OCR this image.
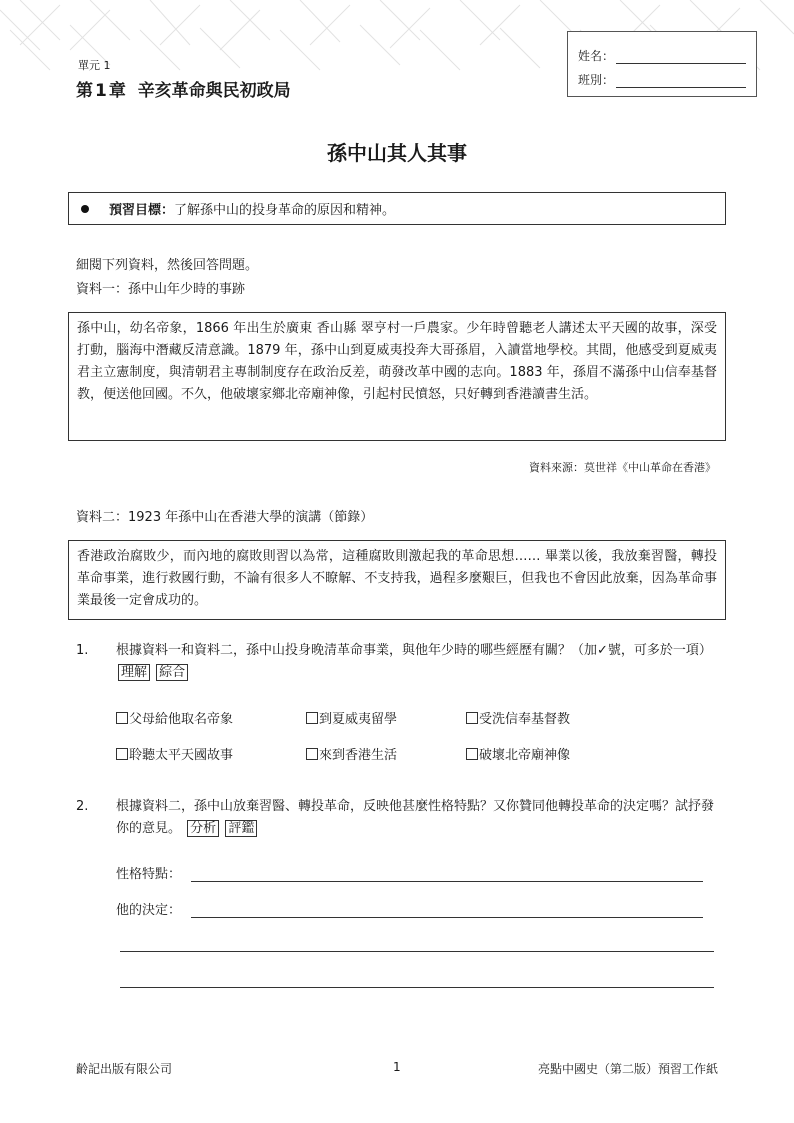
單元 1
第 1 章 辛亥革命與民初政局
姓名：
班別：
孫中山其人其事
預習目標： 了解孫中山的投身革命的原因和精神。
細閱下列資料，然後回答問題。
資料一：孫中山年少時的事跡
孫中山，幼名帝象，1866 年出生於廣東 香山縣 翠亨村一戶農家。少年時曾聽老人講述太平天國的故事，深受打動，腦海中潛藏反清意識。1879 年，孫中山到夏威夷投奔大哥孫眉，入讀當地學校。其間，他感受到夏威夷君主立憲制度，與清朝君主專制制度存在政治反差，萌發改革中國的志向。1883 年，孫眉不滿孫中山信奉基督教，便送他回國。不久，他破壞家鄉北帝廟神像，引起村民憤怒，只好轉到香港讀書生活。
資料來源：莫世祥《中山革命在香港》
資料二：1923 年孫中山在香港大學的演講（節錄）
香港政治腐敗少，而內地的腐敗則習以為常，這種腐敗則激起我的革命思想…… 畢業以後，我放棄習醫，轉投革命事業，進行救國行動，不論有很多人不瞭解、不支持我，過程多麼艱巨，但我也不會因此放棄，因為革命事業最後一定會成功的。
1. 根據資料一和資料二，孫中山投身晚清革命事業，與他年少時的哪些經歷有關？（加✓號，可多於一項） 理解 綜合
父母給他取名帝象	到夏威夷留學	受洗信奉基督教
聆聽太平天國故事	來到香港生活	破壞北帝廟神像
2. 根據資料二，孫中山放棄習醫、轉投革命，反映他甚麼性格特點？又你贊同他轉投革命的決定嗎？試抒發你的意見。 分析 評鑑
性格特點：
他的決定：
齡記出版有限公司	1	亮點中國史（第二版）預習工作紙
